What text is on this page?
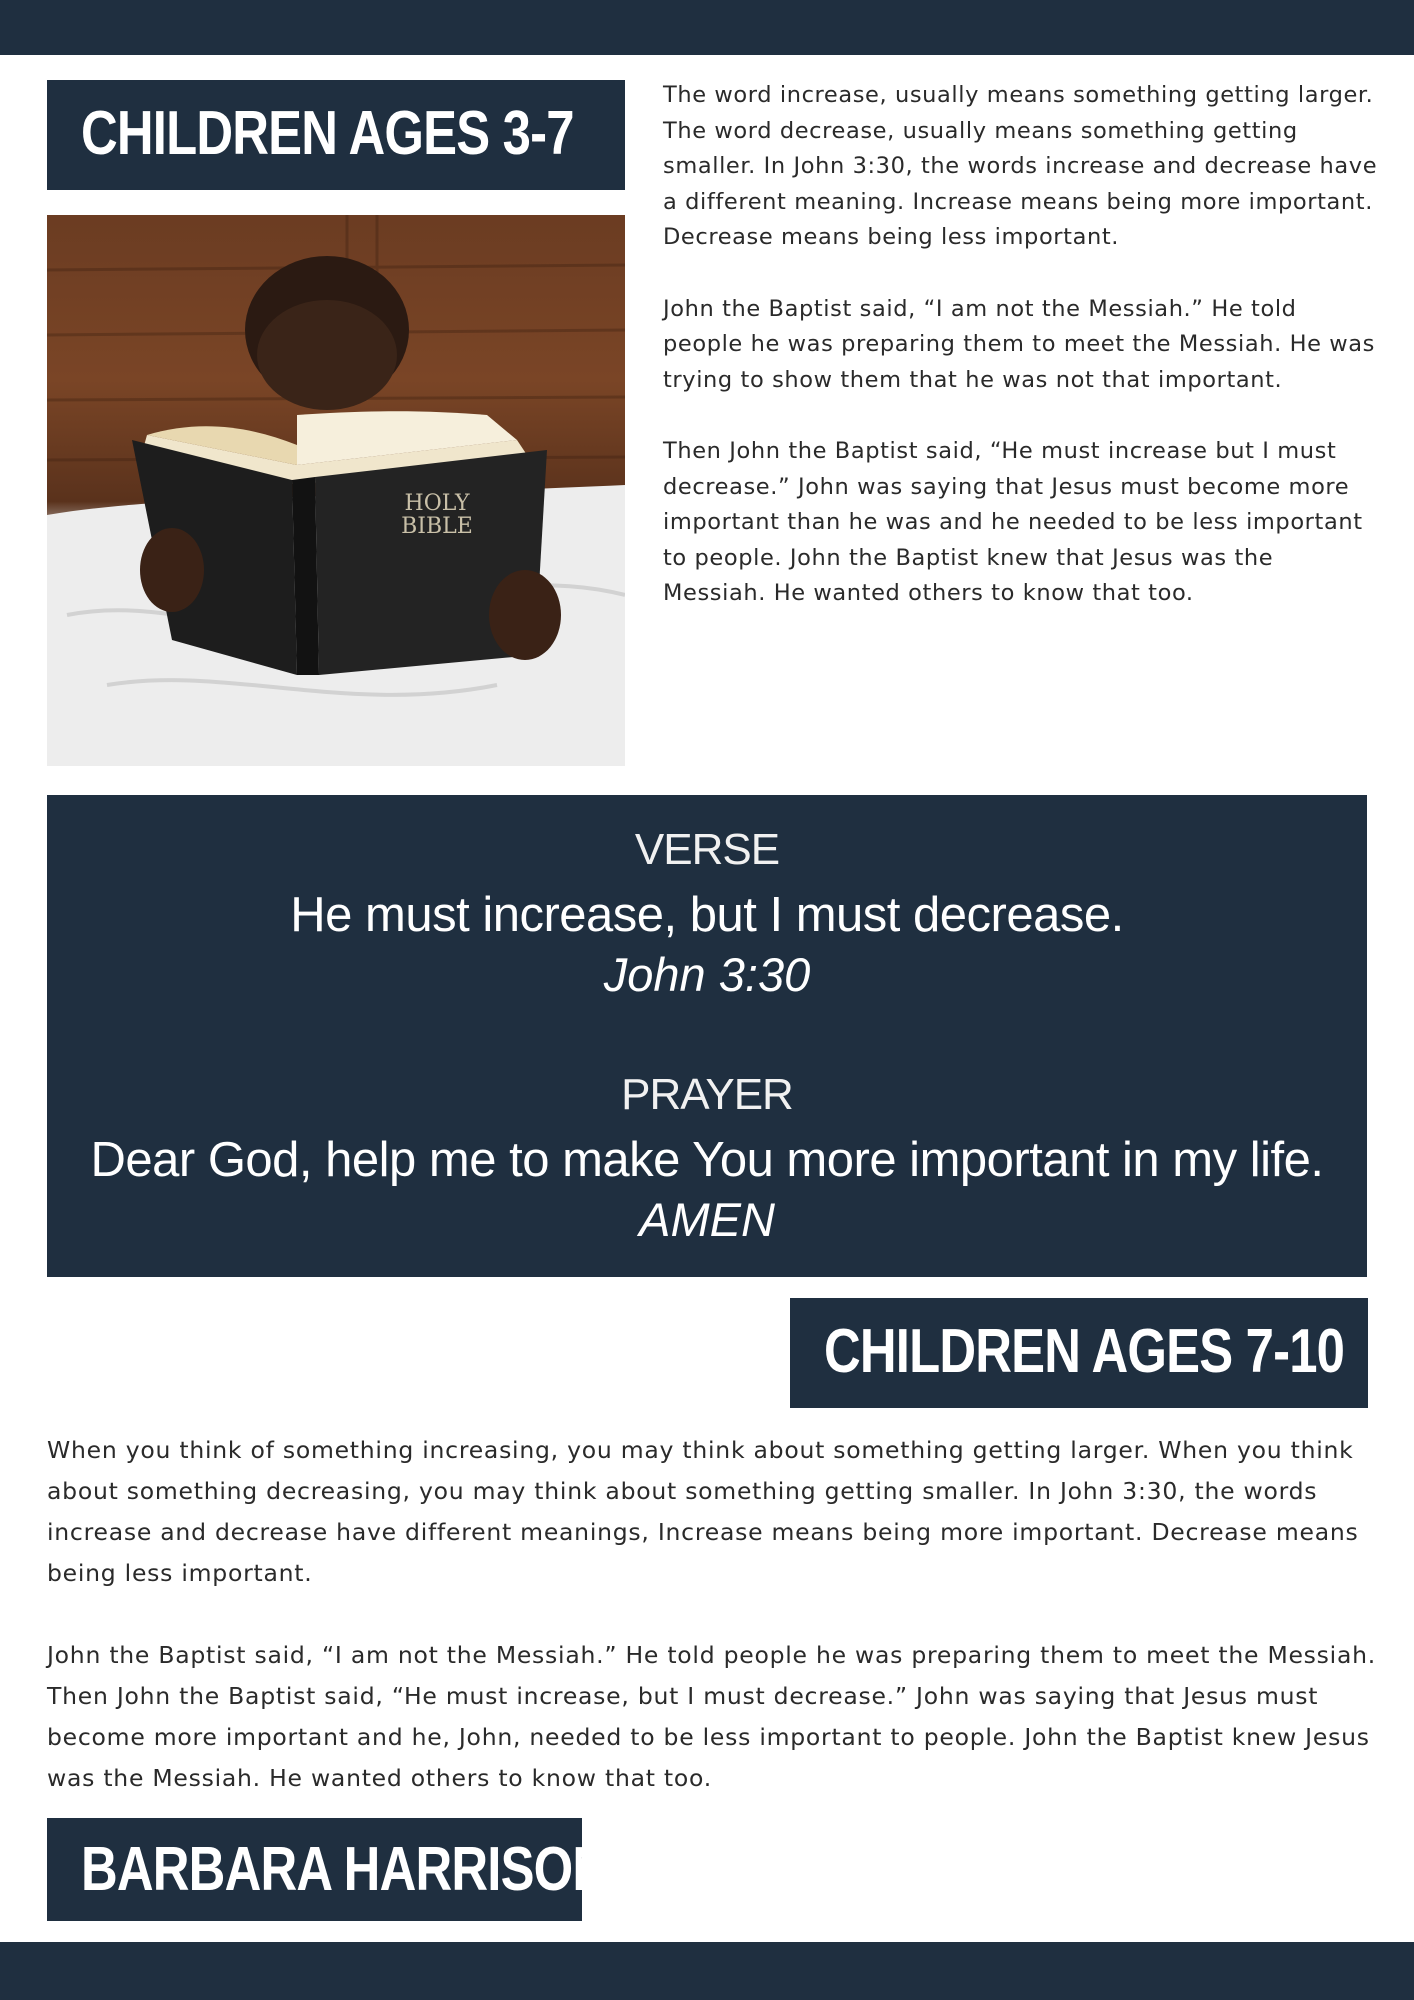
CHILDREN AGES 3-7
HOLY
BIBLE

The word increase, usually means something getting larger. The word decrease, usually means something getting smaller. In John 3:30, the words increase and decrease have a different meaning. Increase means being more important. Decrease means being less important.

John the Baptist said, “I am not the Messiah.” He told people he was preparing them to meet the Messiah. He was trying to show them that he was not that important.

Then John the Baptist said, “He must increase but I must decrease.” John was saying that Jesus must become more important than he was and he needed to be less important to people. John the Baptist knew that Jesus was the Messiah. He wanted others to know that too.

VERSE
He must increase, but I must decrease.
John 3:30
PRAYER
Dear God, help me to make You more important in my life.
AMEN
CHILDREN AGES 7-10

When you think of something increasing, you may think about something getting larger. When you think about something decreasing, you may think about something getting smaller. In John 3:30, the words increase and decrease have different meanings, Increase means being more important. Decrease means being less important.

John the Baptist said, “I am not the Messiah.” He told people he was preparing them to meet the Messiah. Then John the Baptist said, “He must increase, but I must decrease.” John was saying that Jesus must become more important and he, John, needed to be less important to people. John the Baptist knew Jesus was the Messiah. He wanted others to know that too.

BARBARA HARRISON
